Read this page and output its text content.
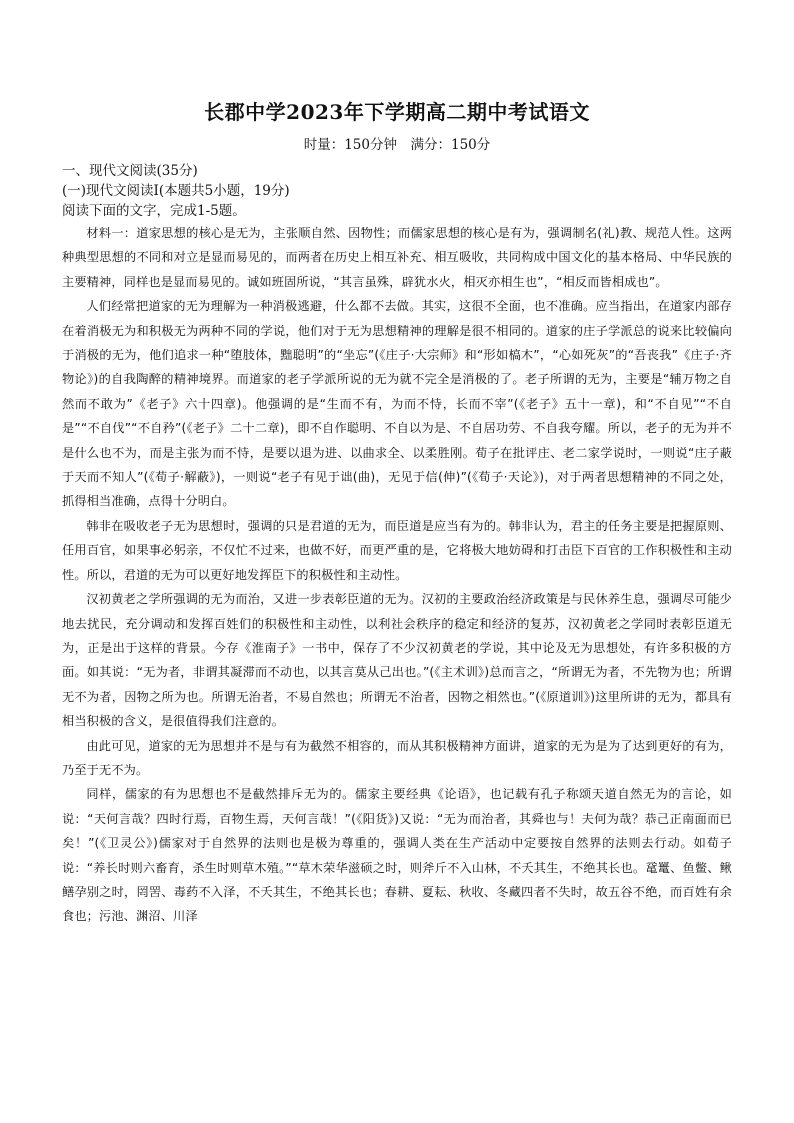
长郡中学2023年下学期高二期中考试语文

时量：150分钟　满分：150分

一、现代文阅读(35分)

(一)现代文阅读Ⅰ(本题共5小题，19分)

阅读下面的文字，完成1-5题。

材料一：道家思想的核心是无为，主张顺自然、因物性；而儒家思想的核心是有为，强调制名(礼)教、规范人性。这两种典型思想的不同和对立是显而易见的，而两者在历史上相互补充、相互吸收，共同构成中国文化的基本格局、中华民族的主要精神，同样也是显而易见的。诚如班固所说，“其言虽殊，辟犹水火，相灭亦相生也”，“相反而皆相成也”。

人们经常把道家的无为理解为一种消极逃避，什么都不去做。其实，这很不全面，也不准确。应当指出，在道家内部存在着消极无为和积极无为两种不同的学说，他们对于无为思想精神的理解是很不相同的。道家的庄子学派总的说来比较偏向于消极的无为，他们追求一种“堕肢体，黜聪明”的“坐忘”(《庄子·大宗师》和“形如槁木”，“心如死灰”的“吾丧我”《庄子·齐物论》)的自我陶醉的精神境界。而道家的老子学派所说的无为就不完全是消极的了。老子所谓的无为，主要是“辅万物之自然而不敢为”《老子》六十四章)。他强调的是“生而不有，为而不恃，长而不宰”(《老子》五十一章)，和“不自见”“不自是”“不自伐”“不自矜”(《老子》二十二章)，即不自作聪明、不自以为是、不自居功劳、不自我夸耀。所以，老子的无为并不是什么也不为，而是主张为而不恃，是要以退为进、以曲求全、以柔胜刚。荀子在批评庄、老二家学说时，一则说“庄子蔽于天而不知人”(《荀子·解蔽》)，一则说“老子有见于诎(曲)，无见于信(伸)”(《荀子·天论》)，对于两者思想精神的不同之处，抓得相当准确，点得十分明白。

韩非在吸收老子无为思想时，强调的只是君道的无为，而臣道是应当有为的。韩非认为，君主的任务主要是把握原则、任用百官，如果事必躬亲，不仅忙不过来，也做不好，而更严重的是，它将极大地妨碍和打击臣下百官的工作积极性和主动性。所以，君道的无为可以更好地发挥臣下的积极性和主动性。

汉初黄老之学所强调的无为而治，又进一步表彰臣道的无为。汉初的主要政治经济政策是与民休养生息，强调尽可能少地去扰民，充分调动和发挥百姓们的积极性和主动性，以利社会秩序的稳定和经济的复苏，汉初黄老之学同时表彰臣道无为，正是出于这样的背景。今存《淮南子》一书中，保存了不少汉初黄老的学说，其中论及无为思想处，有许多积极的方面。如其说：“无为者，非谓其凝滞而不动也，以其言莫从己出也。”(《主术训》)总而言之，“所谓无为者，不先物为也；所谓无不为者，因物之所为也。所谓无治者，不易自然也；所谓无不治者，因物之相然也。”(《原道训》)这里所讲的无为，都具有相当积极的含义，是很值得我们注意的。

由此可见，道家的无为思想并不是与有为截然不相容的，而从其积极精神方面讲，道家的无为是为了达到更好的有为，乃至于无不为。

同样，儒家的有为思想也不是截然排斥无为的。儒家主要经典《论语》，也记载有孔子称颂天道自然无为的言论，如说：“天何言哉？四时行焉，百物生焉，天何言哉！”(《阳货》)又说：“无为而治者，其舜也与！夫何为哉？恭己正南面而已矣！”(《卫灵公》)儒家对于自然界的法则也是极为尊重的，强调人类在生产活动中定要按自然界的法则去行动。如荀子说：“养长时则六畜育，杀生时则草木殖。”“草木荣华滋硕之时，则斧斤不入山林，不夭其生，不绝其长也。鼋鼍、鱼鳖、鳅鳝孕别之时，罔罟、毒药不入泽，不夭其生，不绝其长也；春耕、夏耘、秋收、冬藏四者不失时，故五谷不绝，而百姓有余食也；污池、渊沼、川泽
